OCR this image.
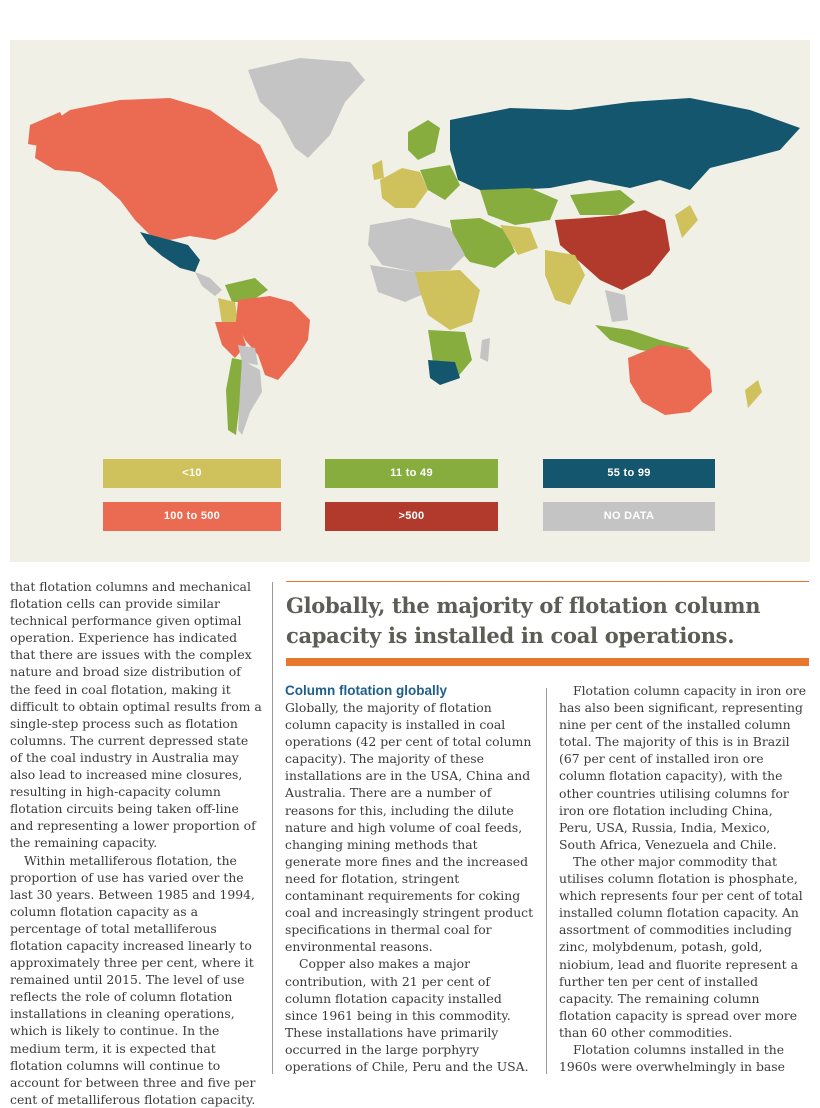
<10	11 to 49	55 to 99
100 to 500	>500	NO DATA

that flotation columns and mechanical flotation cells can provide similar technical performance given optimal operation. Experience has indicated that there are issues with the complex nature and broad size distribution of the feed in coal flotation, making it difficult to obtain optimal results from a single-step process such as flotation columns. The current depressed state of the coal industry in Australia may also lead to increased mine closures, resulting in high-capacity column flotation circuits being taken off-line and representing a lower proportion of the remaining capacity.

Within metalliferous flotation, the proportion of use has varied over the last 30 years. Between 1985 and 1994, column flotation capacity as a percentage of total metalliferous flotation capacity increased linearly to approximately three per cent, where it remained until 2015. The level of use reflects the role of column flotation installations in cleaning operations, which is likely to continue. In the medium term, it is expected that flotation columns will continue to account for between three and five per cent of metalliferous flotation capacity.

Globally, the majority of flotation column capacity is installed in coal operations.
Column flotation globally

Globally, the majority of flotation column capacity is installed in coal operations (42 per cent of total column capacity). The majority of these installations are in the USA, China and Australia. There are a number of reasons for this, including the dilute nature and high volume of coal feeds, changing mining methods that generate more fines and the increased need for flotation, stringent contaminant requirements for coking coal and increasingly stringent product specifications in thermal coal for environmental reasons.

Copper also makes a major contribution, with 21 per cent of column flotation capacity installed since 1961 being in this commodity. These installations have primarily occurred in the large porphyry operations of Chile, Peru and the USA.

Flotation column capacity in iron ore has also been significant, representing nine per cent of the installed column total. The majority of this is in Brazil (67 per cent of installed iron ore column flotation capacity), with the other countries utilising columns for iron ore flotation including China, Peru, USA, Russia, India, Mexico, South Africa, Venezuela and Chile.

The other major commodity that utilises column flotation is phosphate, which represents four per cent of total installed column flotation capacity. An assortment of commodities including zinc, molybdenum, potash, gold, niobium, lead and fluorite represent a further ten per cent of installed capacity. The remaining column flotation capacity is spread over more than 60 other commodities.

Flotation columns installed in the 1960s were overwhelmingly in base
